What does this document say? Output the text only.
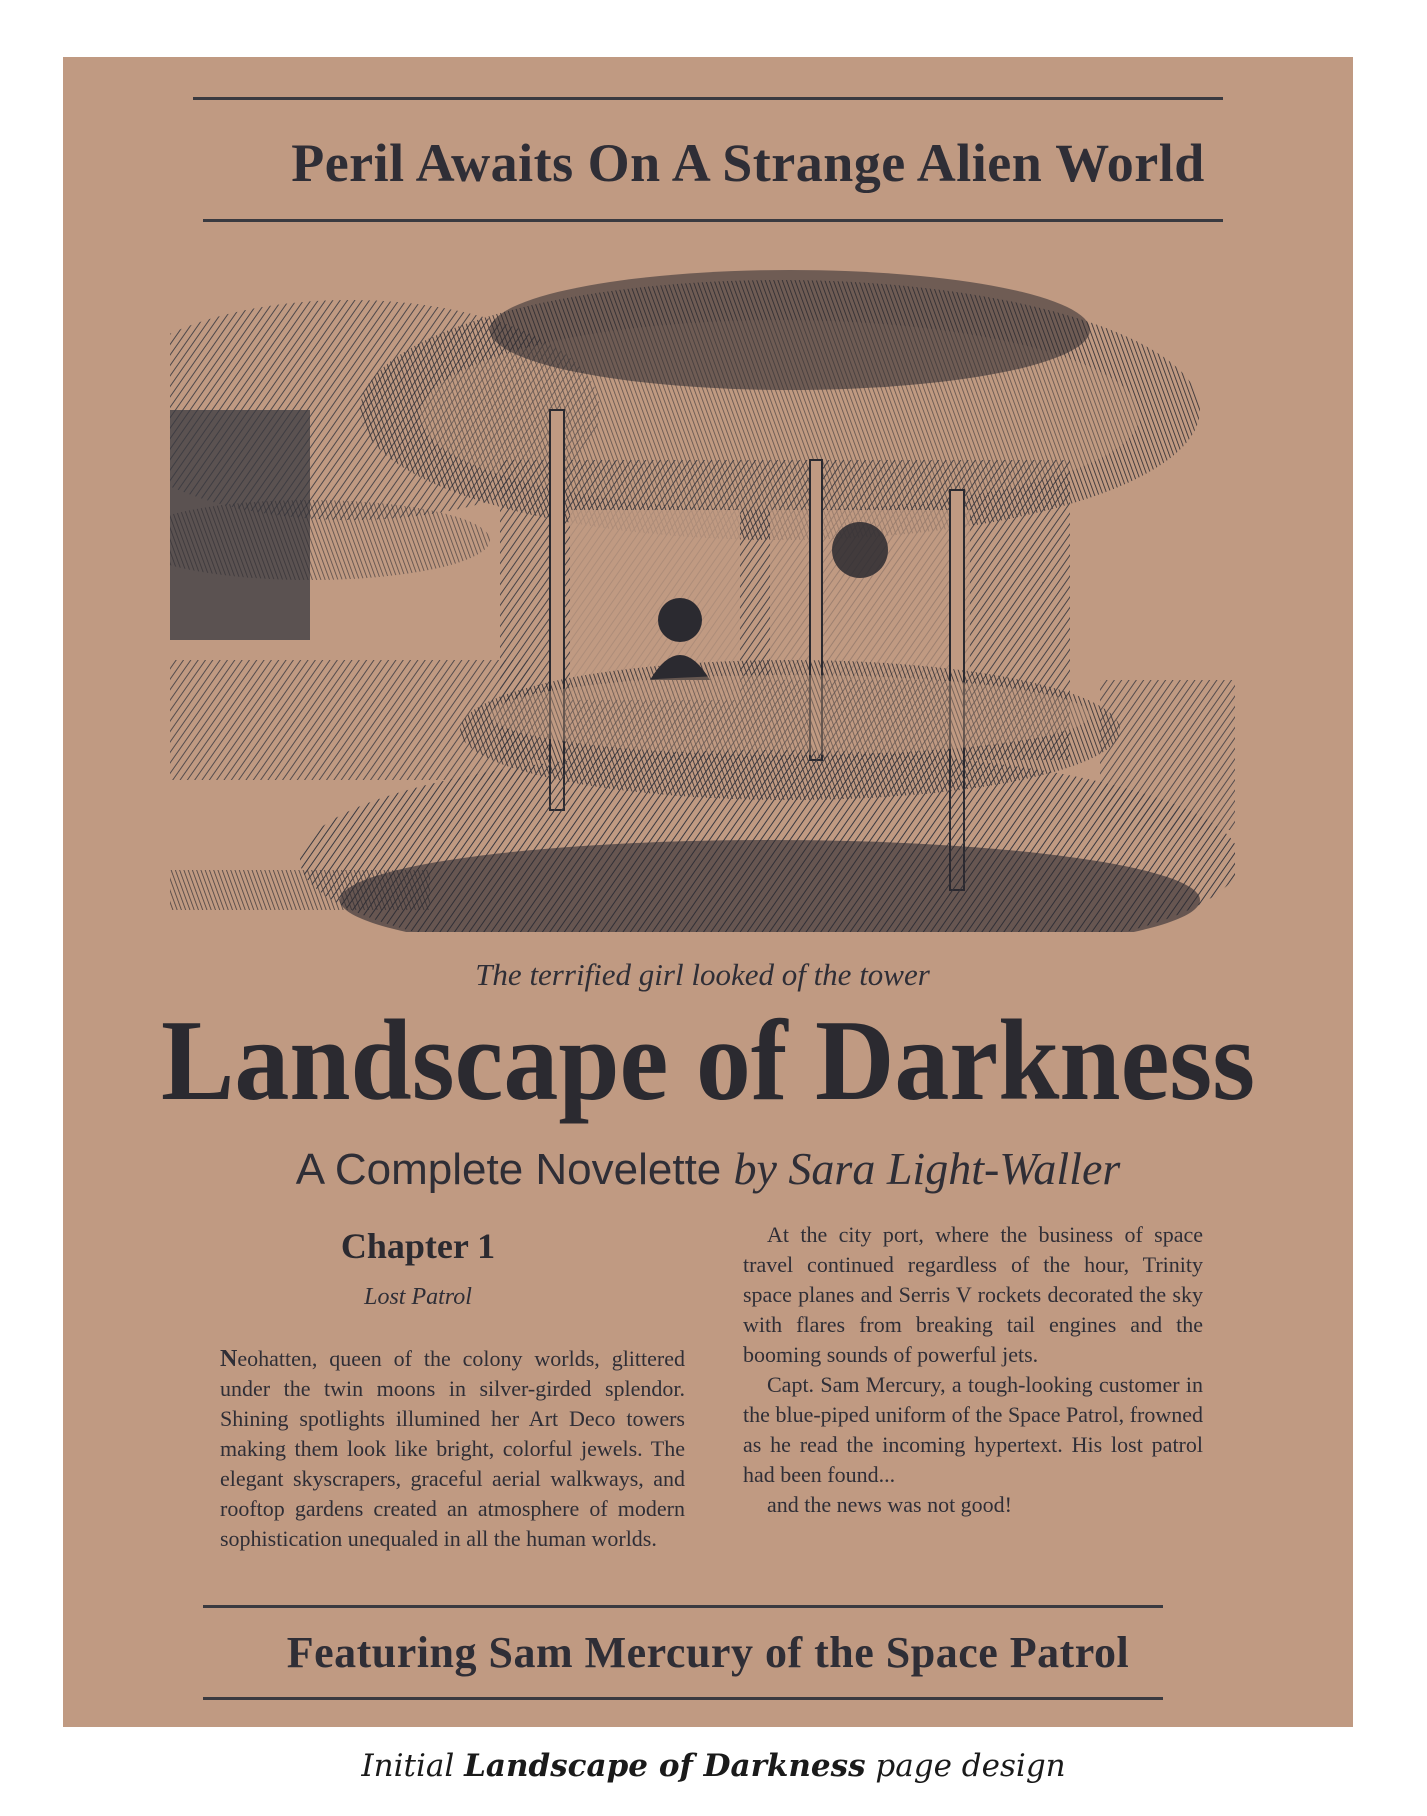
Peril Awaits On A Strange Alien World

The terrified girl looked of the tower

Landscape of Darkness

A Complete Novelette by Sara Light-Waller

Chapter 1

Lost Patrol

Neohatten, queen of the colony worlds, glittered under the twin moons in silver-girded splendor. Shining spotlights illumined her Art Deco towers making them look like bright, colorful jewels. The elegant skyscrapers, graceful aerial walkways, and rooftop gardens created an atmosphere of modern sophistication unequaled in all the human worlds.

At the city port, where the business of space travel continued regardless of the hour, Trinity space planes and Serris V rockets decorated the sky with flares from breaking tail engines and the booming sounds of powerful jets.

Capt. Sam Mercury, a tough-looking customer in the blue-piped uniform of the Space Patrol, frowned as he read the incoming hypertext. His lost patrol had been found...

and the news was not good!

Featuring Sam Mercury of the Space Patrol

Initial Landscape of Darkness page design
